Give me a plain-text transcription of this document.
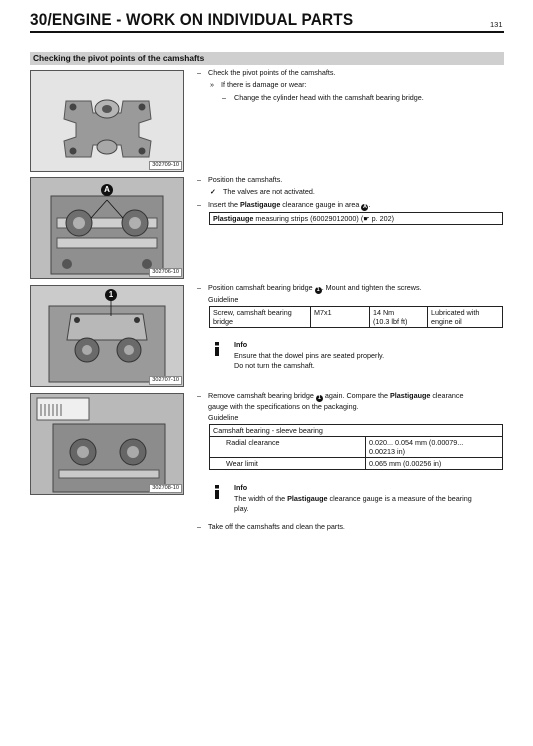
30/ENGINE - WORK ON INDIVIDUAL PARTS	131
Checking the pivot points of the camshafts
302709-10
A
302706-10
1
302707-10
302708-10
– Check the pivot points of the camshafts.
» If there is damage or wear:
– Change the cylinder head with the camshaft bearing bridge.
– Position the camshafts.
✓ The valves are not activated.
– Insert the Plastigauge clearance gauge in area A .
Plastigauge measuring strips (60029012000) (☛ p. 202)
– Position camshaft bearing bridge 1 . Mount and tighten the screws.
Guideline
Screw, camshaft bearing
bridge	M7x1	14 Nm
(10.3 lbf ft)	Lubricated with
engine oil
Info
Ensure that the dowel pins are seated properly.
Do not turn the camshaft.
– Remove camshaft bearing bridge 1 again. Compare the Plastigauge clearance
gauge with the specifications on the packaging.
Guideline
Camshaft bearing - sleeve bearing	
Radial clearance	0.020... 0.054 mm (0.00079...
0.00213 in)
Wear limit	0.065 mm (0.00256 in)
Info
The width of the Plastigauge clearance gauge is a measure of the bearing
play.
– Take off the camshafts and clean the parts.
